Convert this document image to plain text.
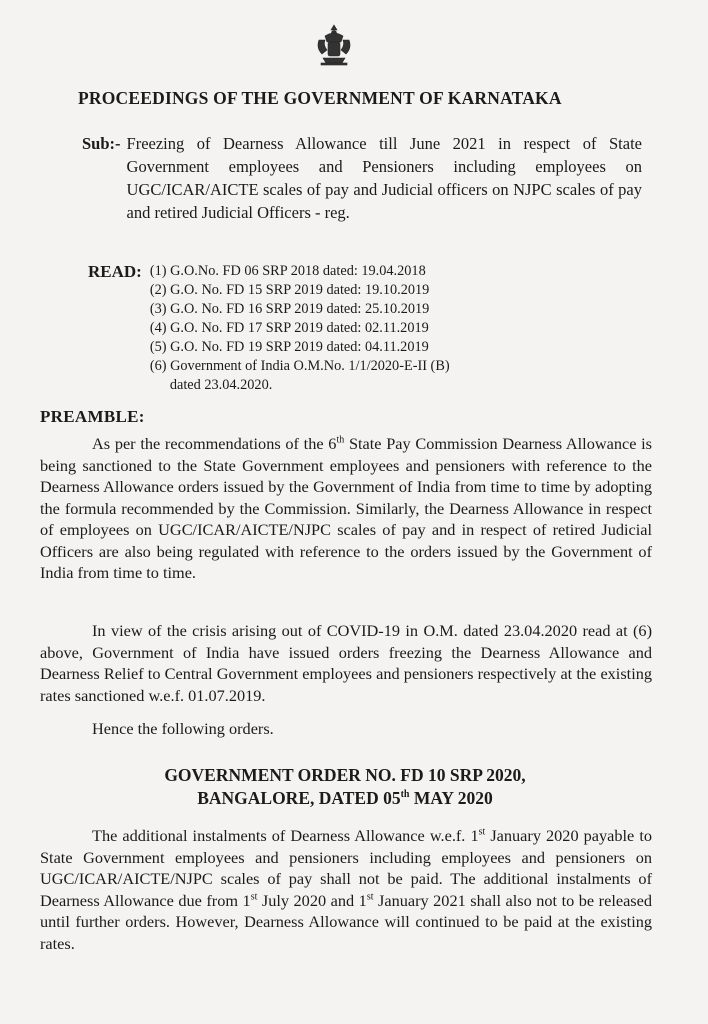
PROCEEDINGS OF THE GOVERNMENT OF KARNATAKA
Sub:- Freezing of Dearness Allowance till June 2021 in respect of State Government employees and Pensioners including employees on UGC/ICAR/AICTE scales of pay and Judicial officers on NJPC scales of pay and retired Judicial Officers - reg.
READ: (1) G.O.No. FD 06 SRP 2018 dated: 19.04.2018
(2) G.O. No. FD 15 SRP 2019 dated: 19.10.2019
(3) G.O. No. FD 16 SRP 2019 dated: 25.10.2019
(4) G.O. No. FD 17 SRP 2019 dated: 02.11.2019
(5) G.O. No. FD 19 SRP 2019 dated: 04.11.2019
(6) Government of India O.M.No. 1/1/2020-E-II (B)
dated 23.04.2020.
PREAMBLE:

As per the recommendations of the 6th State Pay Commission Dearness Allowance is being sanctioned to the State Government employees and pensioners with reference to the Dearness Allowance orders issued by the Government of India from time to time by adopting the formula recommended by the Commission. Similarly, the Dearness Allowance in respect of employees on UGC/ICAR/AICTE/NJPC scales of pay and in respect of retired Judicial Officers are also being regulated with reference to the orders issued by the Government of India from time to time.

In view of the crisis arising out of COVID-19 in O.M. dated 23.04.2020 read at (6) above, Government of India have issued orders freezing the Dearness Allowance and Dearness Relief to Central Government employees and pensioners respectively at the existing rates sanctioned w.e.f. 01.07.2019.

Hence the following orders.

GOVERNMENT ORDER NO. FD 10 SRP 2020,
BANGALORE, DATED 05th MAY 2020

The additional instalments of Dearness Allowance w.e.f. 1st January 2020 payable to State Government employees and pensioners including employees and pensioners on UGC/ICAR/AICTE/NJPC scales of pay shall not be paid. The additional instalments of Dearness Allowance due from 1st July 2020 and 1st January 2021 shall also not to be released until further orders. However, Dearness Allowance will continued to be paid at the existing rates.
